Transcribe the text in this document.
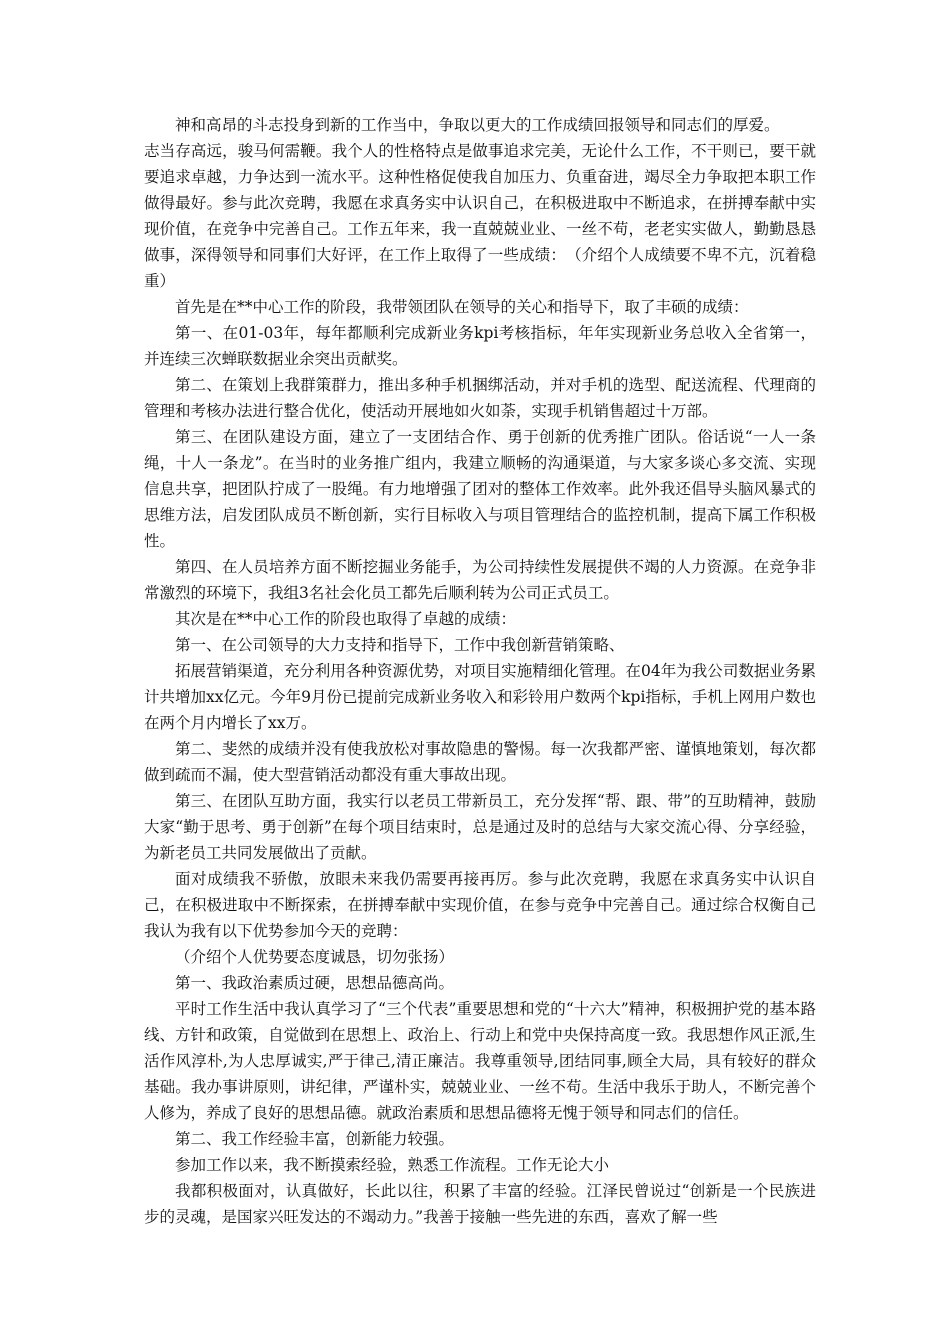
神和高昂的斗志投身到新的工作当中，争取以更大的工作成绩回报领导和同志们的厚爱。

志当存高远，骏马何需鞭。我个人的性格特点是做事追求完美，无论什么工作，不干则已，要干就要追求卓越，力争达到一流水平。这种性格促使我自加压力、负重奋进，竭尽全力争取把本职工作做得最好。参与此次竞聘，我愿在求真务实中认识自己，在积极进取中不断追求，在拼搏奉献中实现价值，在竞争中完善自己。工作五年来，我一直兢兢业业、一丝不苟，老老实实做人，勤勤恳恳做事，深得领导和同事们大好评，在工作上取得了一些成绩：　（介绍个人成绩要不卑不亢，沉着稳重）

首先是在**中心工作的阶段，我带领团队在领导的关心和指导下，取了丰硕的成绩：

第一、在01-03年，每年都顺利完成新业务kpi考核指标，年年实现新业务总收入全省第一，并连续三次蝉联数据业余突出贡献奖。

第二、在策划上我群策群力，推出多种手机捆绑活动，并对手机的选型、配送流程、代理商的管理和考核办法进行整合优化，使活动开展地如火如荼，实现手机销售超过十万部。

第三、在团队建设方面，建立了一支团结合作、勇于创新的优秀推广团队。俗话说“一人一条绳，十人一条龙”。在当时的业务推广组内，我建立顺畅的沟通渠道，与大家多谈心多交流、实现信息共享，把团队拧成了一股绳。有力地增强了团对的整体工作效率。此外我还倡导头脑风暴式的思维方法，启发团队成员不断创新，实行目标收入与项目管理结合的监控机制，提高下属工作积极性。

第四、在人员培养方面不断挖掘业务能手，为公司持续性发展提供不竭的人力资源。在竞争非常激烈的环境下，我组3名社会化员工都先后顺利转为公司正式员工。

其次是在**中心工作的阶段也取得了卓越的成绩：

第一、在公司领导的大力支持和指导下，工作中我创新营销策略、

拓展营销渠道，充分利用各种资源优势，对项目实施精细化管理。在04年为我公司数据业务累计共增加xx亿元。今年9月份已提前完成新业务收入和彩铃用户数两个kpi指标，手机上网用户数也在两个月内增长了xx万。

第二、斐然的成绩并没有使我放松对事故隐患的警惕。每一次我都严密、谨慎地策划，每次都做到疏而不漏，使大型营销活动都没有重大事故出现。

第三、在团队互助方面，我实行以老员工带新员工，充分发挥“帮、跟、带”的互助精神，鼓励大家“勤于思考、勇于创新”在每个项目结束时，总是通过及时的总结与大家交流心得、分享经验，为新老员工共同发展做出了贡献。

面对成绩我不骄傲，放眼未来我仍需要再接再厉。参与此次竞聘，我愿在求真务实中认识自己，在积极进取中不断探索，在拼搏奉献中实现价值，在参与竞争中完善自己。通过综合权衡自己我认为我有以下优势参加今天的竞聘：

（介绍个人优势要态度诚恳，切勿张扬）

第一、我政治素质过硬，思想品德高尚。

平时工作生活中我认真学习了“三个代表”重要思想和党的“十六大”精神，积极拥护党的基本路线、方针和政策，自觉做到在思想上、政治上、行动上和党中央保持高度一致。我思想作风正派,生活作风淳朴,为人忠厚诚实,严于律己,清正廉洁。我尊重领导,团结同事,顾全大局，具有较好的群众基础。我办事讲原则，讲纪律，严谨朴实，兢兢业业、一丝不苟。生活中我乐于助人，不断完善个人修为，养成了良好的思想品德。就政治素质和思想品德将无愧于领导和同志们的信任。

第二、我工作经验丰富，创新能力较强。

参加工作以来，我不断摸索经验，熟悉工作流程。工作无论大小

我都积极面对，认真做好，长此以往，积累了丰富的经验。江泽民曾说过“创新是一个民族进步的灵魂，是国家兴旺发达的不竭动力。”我善于接触一些先进的东西，喜欢了解一些
